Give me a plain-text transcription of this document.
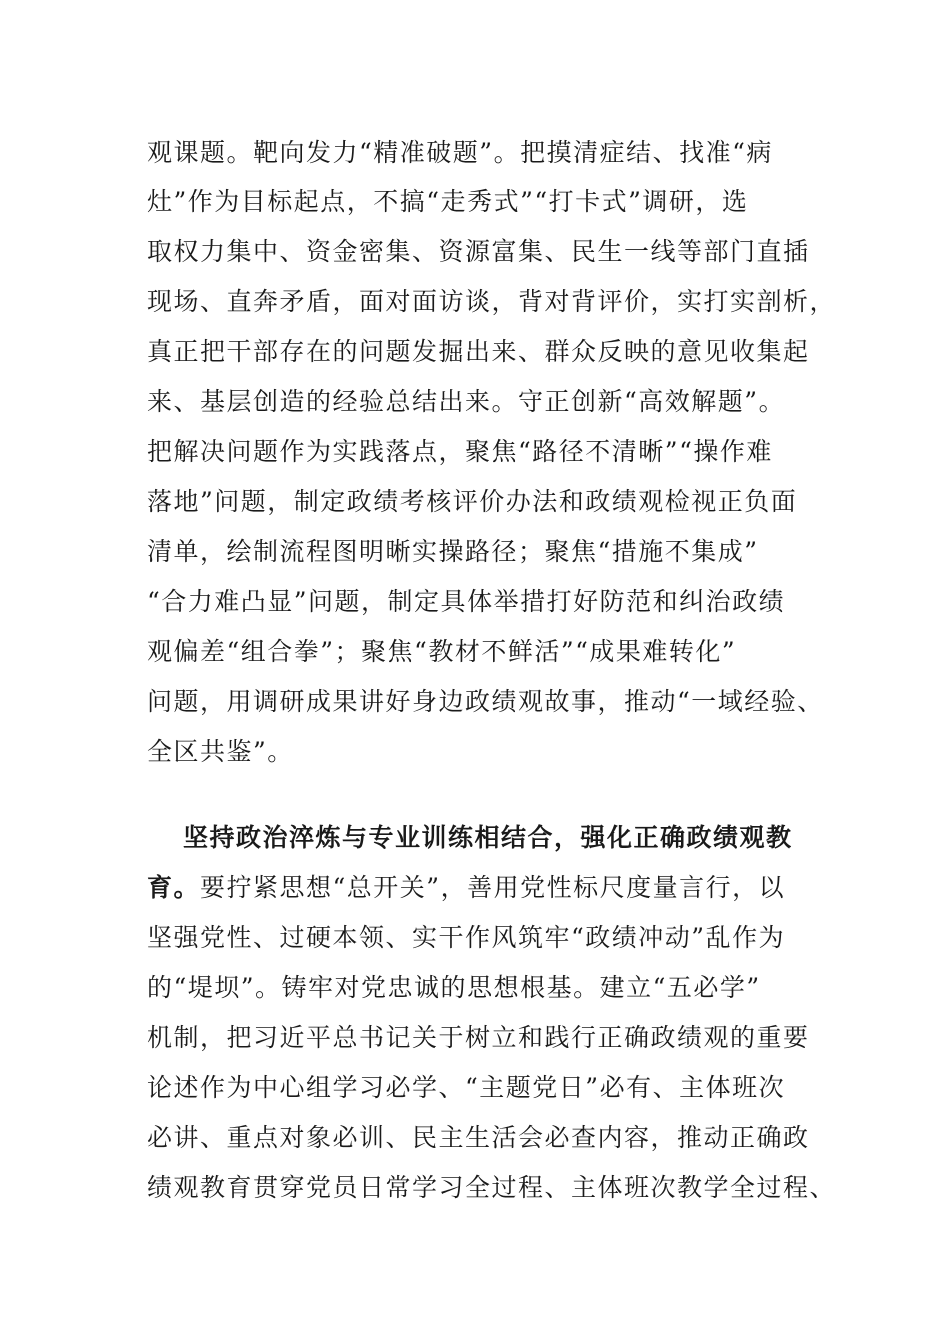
观课题。靶向发力“精准破题”。把摸清症结、找准“病
灶”作为目标起点，不搞“走秀式”“打卡式”调研，选
取权力集中、资金密集、资源富集、民生一线等部门直插
现场、直奔矛盾，面对面访谈，背对背评价，实打实剖析，
真正把干部存在的问题发掘出来、群众反映的意见收集起
来、基层创造的经验总结出来。守正创新“高效解题”。
把解决问题作为实践落点，聚焦“路径不清晰”“操作难
落地”问题，制定政绩考核评价办法和政绩观检视正负面
清单，绘制流程图明晰实操路径；聚焦“措施不集成”
“合力难凸显”问题，制定具体举措打好防范和纠治政绩
观偏差“组合拳”；聚焦“教材不鲜活”“成果难转化”
问题，用调研成果讲好身边政绩观故事，推动“一域经验、
全区共鉴”。
坚持政治淬炼与专业训练相结合，强化正确政绩观教
育。要拧紧思想“总开关”，善用党性标尺度量言行，以
坚强党性、过硬本领、实干作风筑牢“政绩冲动”乱作为
的“堤坝”。铸牢对党忠诚的思想根基。建立“五必学”
机制，把习近平总书记关于树立和践行正确政绩观的重要
论述作为中心组学习必学、“主题党日”必有、主体班次
必讲、重点对象必训、民主生活会必查内容，推动正确政
绩观教育贯穿党员日常学习全过程、主体班次教学全过程、
